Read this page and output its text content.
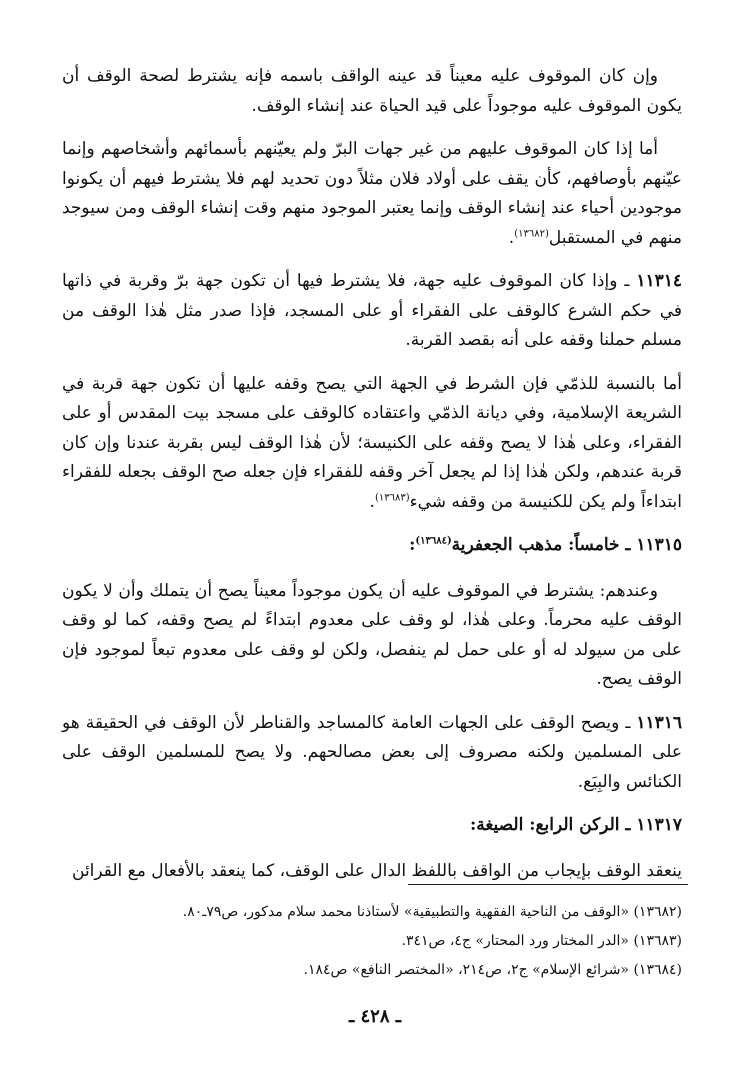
وإن كان الموقوف عليه معيناً قد عينه الواقف باسمه فإنه يشترط لصحة الوقف أن يكون الموقوف عليه موجوداً على قيد الحياة عند إنشاء الوقف.

أما إذا كان الموقوف عليهم من غير جهات البرّ ولم يعيّنهم بأسمائهم وأشخاصهم وإنما عيّنهم بأوصافهم، كأن يقف على أولاد فلان مثلاً دون تحديد لهم فلا يشترط فيهم أن يكونوا موجودين أحياء عند إنشاء الوقف وإنما يعتبر الموجود منهم وقت إنشاء الوقف ومن سيوجد منهم في المستقبل$^{(١٣٦٨٢)}$.

١١٣١٤ ـ وإذا كان الموقوف عليه جهة، فلا يشترط فيها أن تكون جهة برّ وقربة في ذاتها في حكم الشرع كالوقف على الفقراء أو على المسجد، فإذا صدر مثل هٰذا الوقف من مسلم حملنا وقفه على أنه بقصد القربة.

أما بالنسبة للذمّي فإن الشرط في الجهة التي يصح وقفه عليها أن تكون جهة قربة في الشريعة الإسلامية، وفي ديانة الذمّي واعتقاده كالوقف على مسجد بيت المقدس أو على الفقراء، وعلى هٰذا لا يصح وقفه على الكنيسة؛ لأن هٰذا الوقف ليس بقربة عندنا وإن كان قربة عندهم، ولكن هٰذا إذا لم يجعل آخر وقفه للفقراء فإن جعله صح الوقف بجعله للفقراء ابتداءاً ولم يكن للكنيسة من وقفه شيء$^{(١٣٦٨٣)}$.

١١٣١٥ ـ خامساً: مذهب الجعفرية$^{(١٣٦٨٤)}$:

وعندهم: يشترط في الموقوف عليه أن يكون موجوداً معيناً يصح أن يتملك وأن لا يكون الوقف عليه محرماً. وعلى هٰذا، لو وقف على معدوم ابتداءً لم يصح وقفه، كما لو وقف على من سيولد له أو على حمل لم ينفصل، ولكن لو وقف على معدوم تبعاً لموجود فإن الوقف يصح.

١١٣١٦ ـ ويصح الوقف على الجهات العامة كالمساجد والقناطر لأن الوقف في الحقيقة هو على المسلمين ولكنه مصروف إلى بعض مصالحهم. ولا يصح للمسلمين الوقف على الكنائس والبِيَع.

١١٣١٧ ـ الركن الرابع: الصيغة:

ينعقد الوقف بإيجاب من الواقف باللفظ الدال على الوقف، كما ينعقد بالأفعال مع القرائن

(١٣٦٨٢) «الوقف من الناحية الفقهية والتطبيقية» لأستاذنا محمد سلام مدكور، ص٧٩ـ٨٠.

(١٣٦٨٣) «الدر المختار ورد المحتار» ج٤، ص٣٤١.

(١٣٦٨٤) «شرائع الإسلام» ج٢، ص٢١٤، «المختصر النافع» ص١٨٤.

ـ ٤٢٨ ـ
